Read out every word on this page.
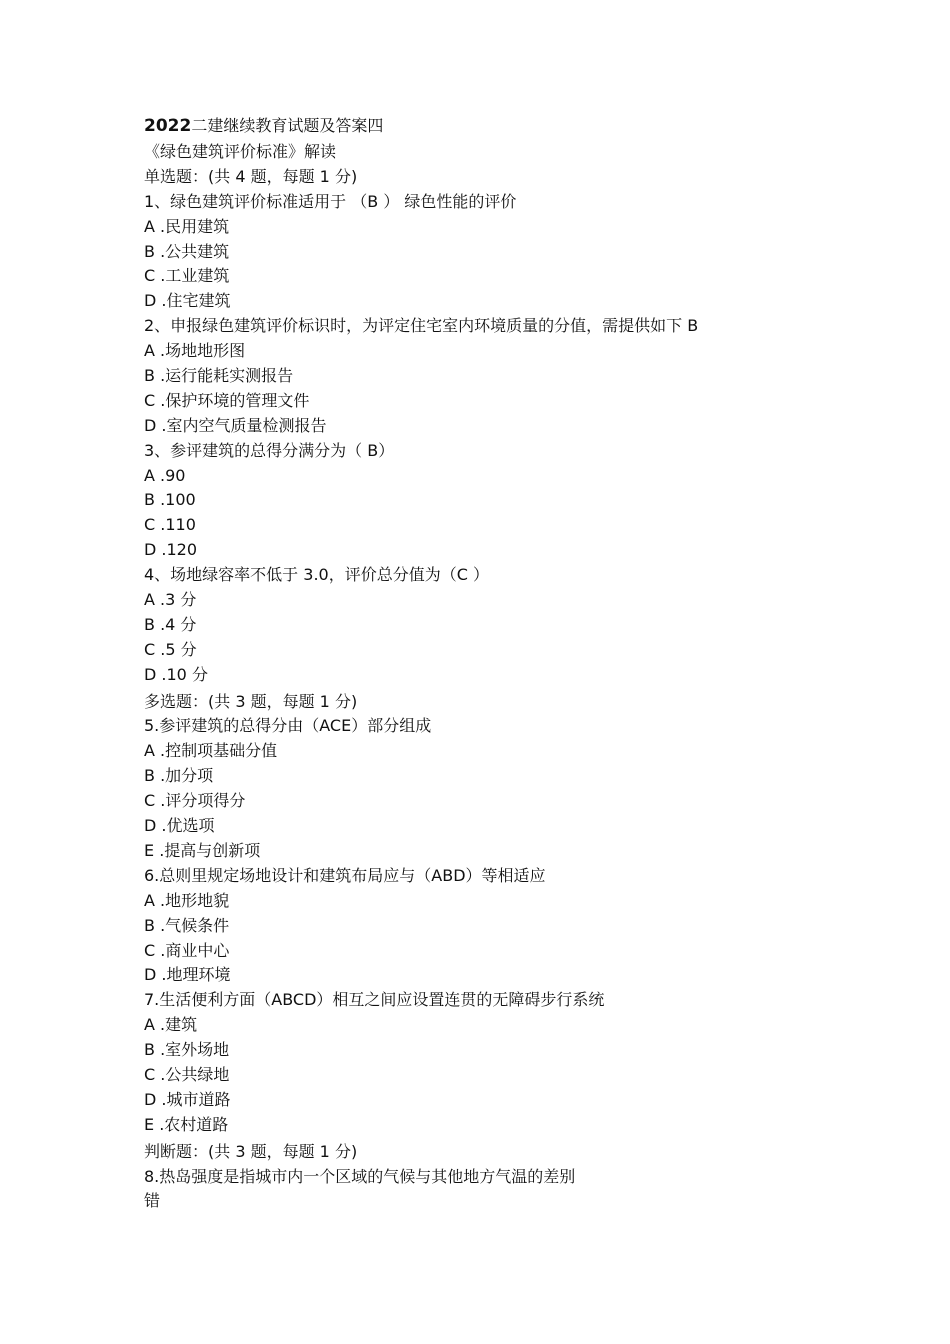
2022二建继续教育试题及答案四
《绿色建筑评价标准》解读
单选题：(共 4 题，每题 1 分)
1、绿色建筑评价标准适用于 （B ） 绿色性能的评价
A .民用建筑
B .公共建筑
C .工业建筑
D .住宅建筑
2、申报绿色建筑评价标识时，为评定住宅室内环境质量的分值，需提供如下 B
A .场地地形图
B .运行能耗实测报告
C .保护环境的管理文件
D .室内空气质量检测报告
3、参评建筑的总得分满分为（ B）
A .90
B .100
C .110
D .120
4、场地绿容率不低于 3.0，评价总分值为（C ）
A .3 分
B .4 分
C .5 分
D .10 分
多选题：(共 3 题，每题 1 分)
5.参评建筑的总得分由（ACE）部分组成
A .控制项基础分值
B .加分项
C .评分项得分
D .优选项
E .提高与创新项
6.总则里规定场地设计和建筑布局应与（ABD）等相适应
A .地形地貌
B .气候条件
C .商业中心
D .地理环境
7.生活便利方面（ABCD）相互之间应设置连贯的无障碍步行系统
A .建筑
B .室外场地
C .公共绿地
D .城市道路
E .农村道路
判断题：(共 3 题，每题 1 分)
8.热岛强度是指城市内一个区域的气候与其他地方气温的差别
错
